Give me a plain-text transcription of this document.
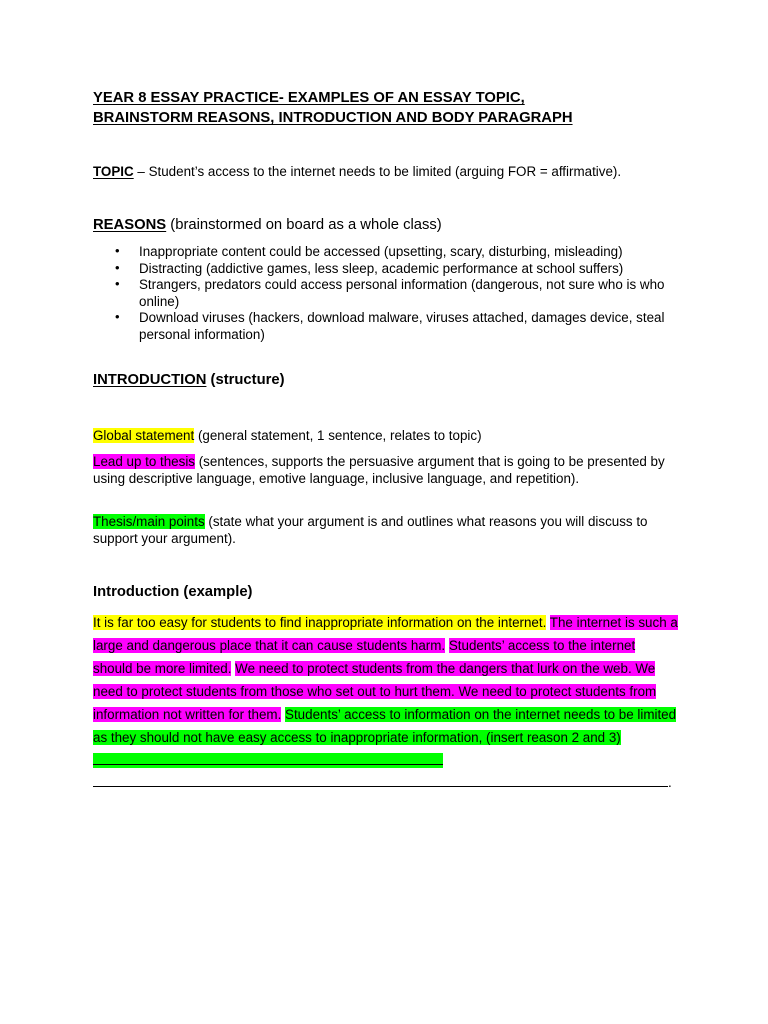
YEAR 8 ESSAY PRACTICE- EXAMPLES OF AN ESSAY TOPIC,
BRAINSTORM REASONS, INTRODUCTION AND BODY PARAGRAPH
TOPIC – Student’s access to the internet needs to be limited (arguing FOR = affirmative).
REASONS (brainstormed on board as a whole class)
• Inappropriate content could be accessed (upsetting, scary, disturbing, misleading)
• Distracting (addictive games, less sleep, academic performance at school suffers)
• Strangers, predators could access personal information (dangerous, not sure who is who online)
• Download viruses (hackers, download malware, viruses attached, damages device, steal personal information)
INTRODUCTION (structure)
Global statement (general statement, 1 sentence, relates to topic)
Lead up to thesis (sentences, supports the persuasive argument that is going to be presented by using descriptive language, emotive language, inclusive language, and repetition).
Thesis/main points (state what your argument is and outlines what reasons you will discuss to support your argument).
Introduction (example)
It is far too easy for students to find inappropriate information on the internet. The internet is such a large and dangerous place that it can cause students harm. Students’ access to the internet should be more limited. We need to protect students from the dangers that lurk on the web. We need to protect students from those who set out to hurt them. We need to protect students from information not written for them. Students’ access to information on the internet needs to be limited as they should not have easy access to inappropriate information, (insert reason 2 and 3)
.
